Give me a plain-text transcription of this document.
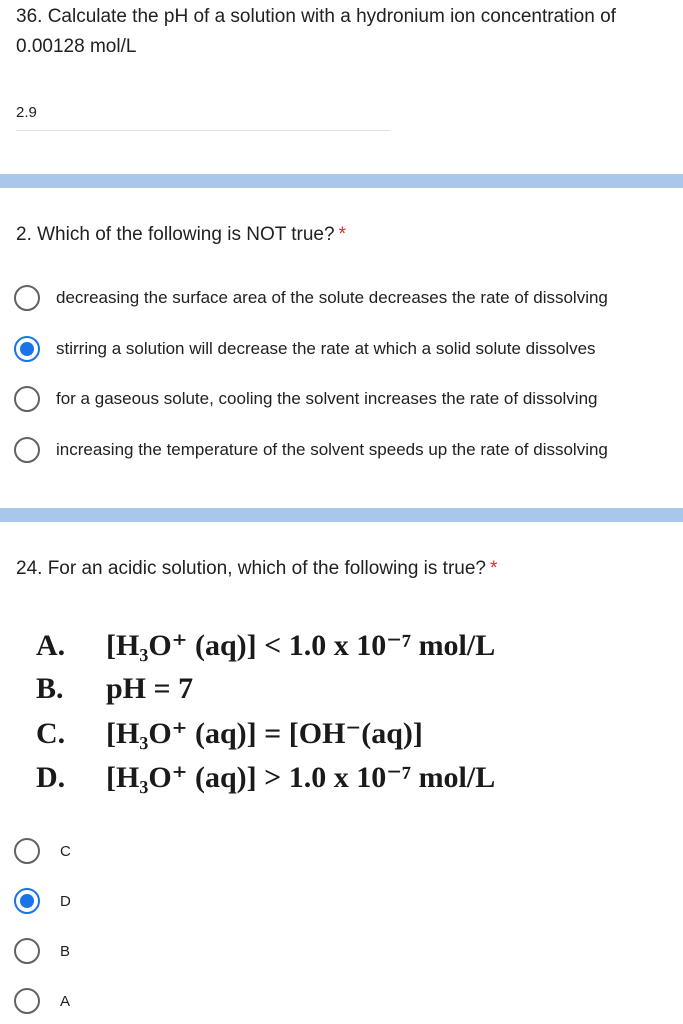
36. Calculate the pH of a solution with a hydronium ion concentration of 0.00128 mol/L
2.9
2. Which of the following is NOT true? *
decreasing the surface area of the solute decreases the rate of dissolving
stirring a solution will decrease the rate at which a solid solute dissolves
for a gaseous solute, cooling the solvent increases the rate of dissolving
increasing the temperature of the solvent speeds up the rate of dissolving
24. For an acidic solution, which of the following is true? *
A. [H₃O⁺ (aq)] < 1.0 x 10⁻⁷ mol/L
B. pH = 7
C. [H₃O⁺ (aq)] = [OH⁻(aq)]
D. [H₃O⁺ (aq)] > 1.0 x 10⁻⁷ mol/L
C
D
B
A
